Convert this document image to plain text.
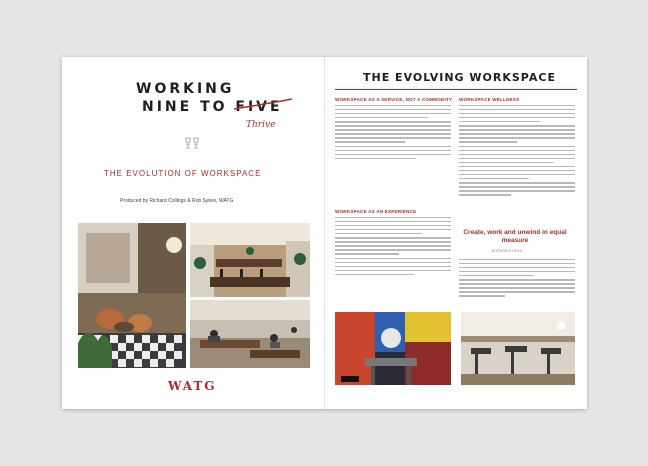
WORKING
NINE TO FIVE
Thrive
THE EVOLUTION OF WORKSPACE
Produced by Richard Collings & Rob Sykes, WATG
WATG
THE EVOLVING WORKSPACE
WORKSPACE AS A SERVICE, NOT A COMMODITY
WORKSPACE AS AN EXPERIENCE
WORKSPACE WELLNESS
Create, work and unwind in equal measure
WORKPATH HOLD
